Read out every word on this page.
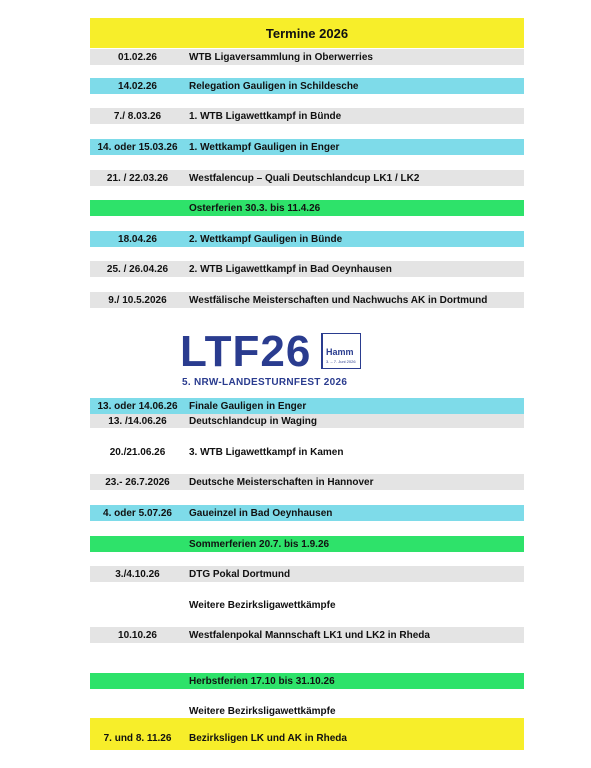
Termine 2026
01.02.26	WTB Ligaversammlung in Oberwerries
14.02.26	Relegation Gauligen in Schildesche
7./ 8.03.26	1. WTB Ligawettkampf in Bünde
14. oder 15.03.26	1. Wettkampf Gauligen in Enger
21. / 22.03.26	Westfalencup – Quali Deutschlandcup LK1 / LK2
Osterferien 30.3. bis 11.4.26
18.04.26	2. Wettkampf Gauligen in Bünde
25. / 26.04.26	2. WTB Ligawettkampf in Bad Oeynhausen
9./ 10.5.2026	Westfälische Meisterschaften und Nachwuchs AK in Dortmund
13. oder 14.06.26	Finale Gauligen in Enger
13. /14.06.26	Deutschlandcup in Waging
20./21.06.26	3. WTB Ligawettkampf in Kamen
23.- 26.7.2026	Deutsche Meisterschaften in Hannover
4. oder 5.07.26	Gaueinzel in Bad Oeynhausen
Sommerferien 20.7. bis 1.9.26
3./4.10.26	DTG Pokal Dortmund
Weitere Bezirksligawettkämpfe
10.10.26	Westfalenpokal Mannschaft LK1 und LK2 in Rheda
Herbstferien 17.10 bis 31.10.26
Weitere Bezirksligawettkämpfe
7. und 8. 11.26	Bezirksligen LK und AK in Rheda
LTF26 Hamm
3. – 7. Juni 2026
5. NRW-LANDESTURNFEST 2026
